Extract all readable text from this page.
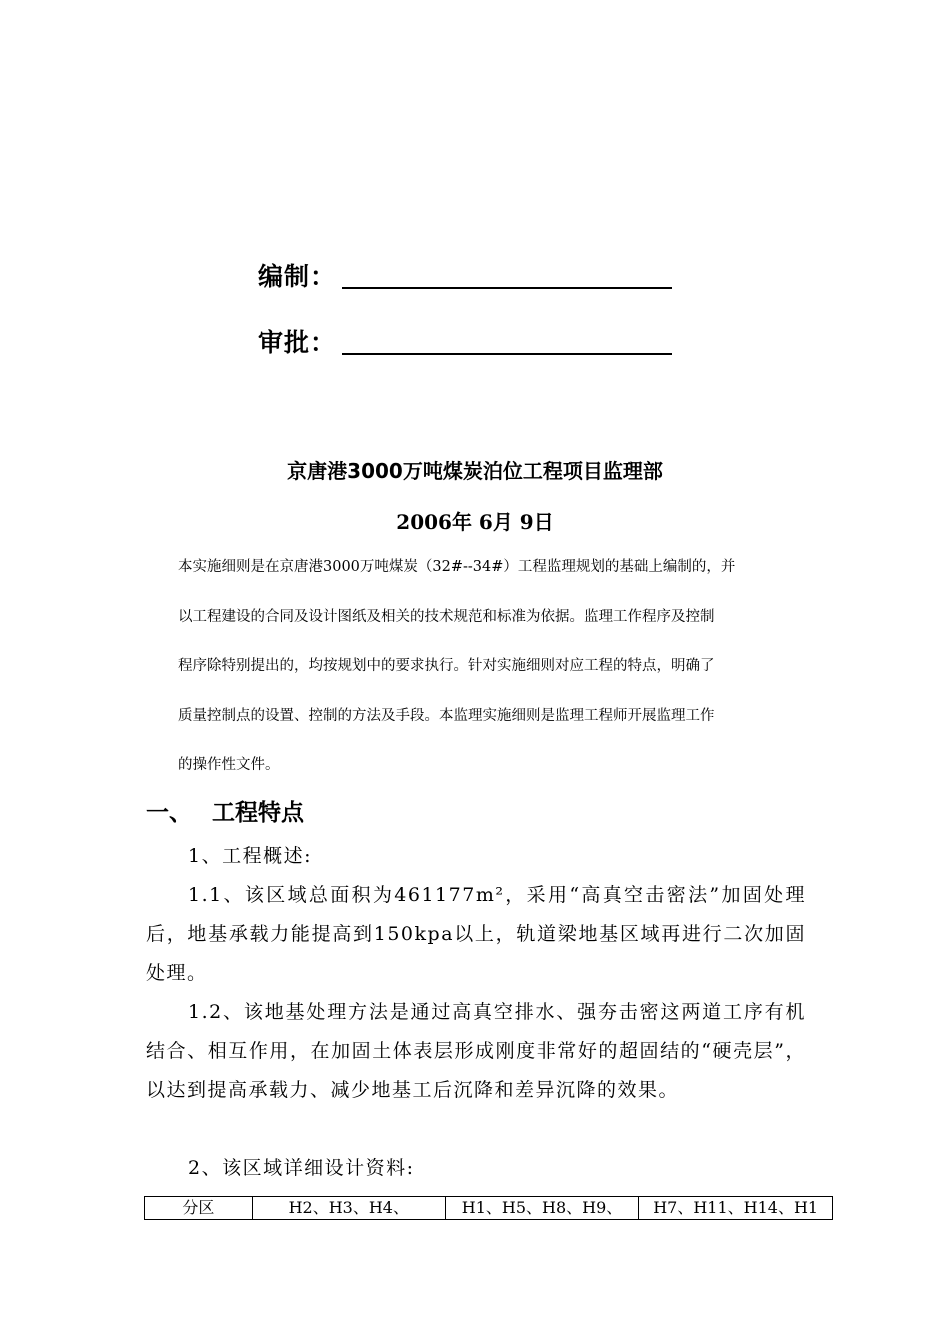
编制：
审批：
京唐港3000万吨煤炭泊位工程项目监理部
2006年 6月 9日

本实施细则是在京唐港3000万吨煤炭（32#--34#）工程监理规划的基础上编制的，并

以工程建设的合同及设计图纸及相关的技术规范和标准为依据。监理工作程序及控制

程序除特别提出的，均按规划中的要求执行。针对实施细则对应工程的特点，明确了

质量控制点的设置、控制的方法及手段。本监理实施细则是监理工程师开展监理工作

的操作性文件。

一、 工程特点

1、工程概述:

1.1、该区域总面积为461177m²，采用“高真空击密法”加固处理后，地基承载力能提高到150kpa以上，轨道梁地基区域再进行二次加固处理。

1.2、该地基处理方法是通过高真空排水、强夯击密这两道工序有机结合、相互作用，在加固土体表层形成刚度非常好的超固结的“硬壳层”，以达到提高承载力、减少地基工后沉降和差异沉降的效果。

2、该区域详细设计资料:

分区	H2、H3、H4、	H1、H5、H8、H9、	H7、H11、H14、H1
